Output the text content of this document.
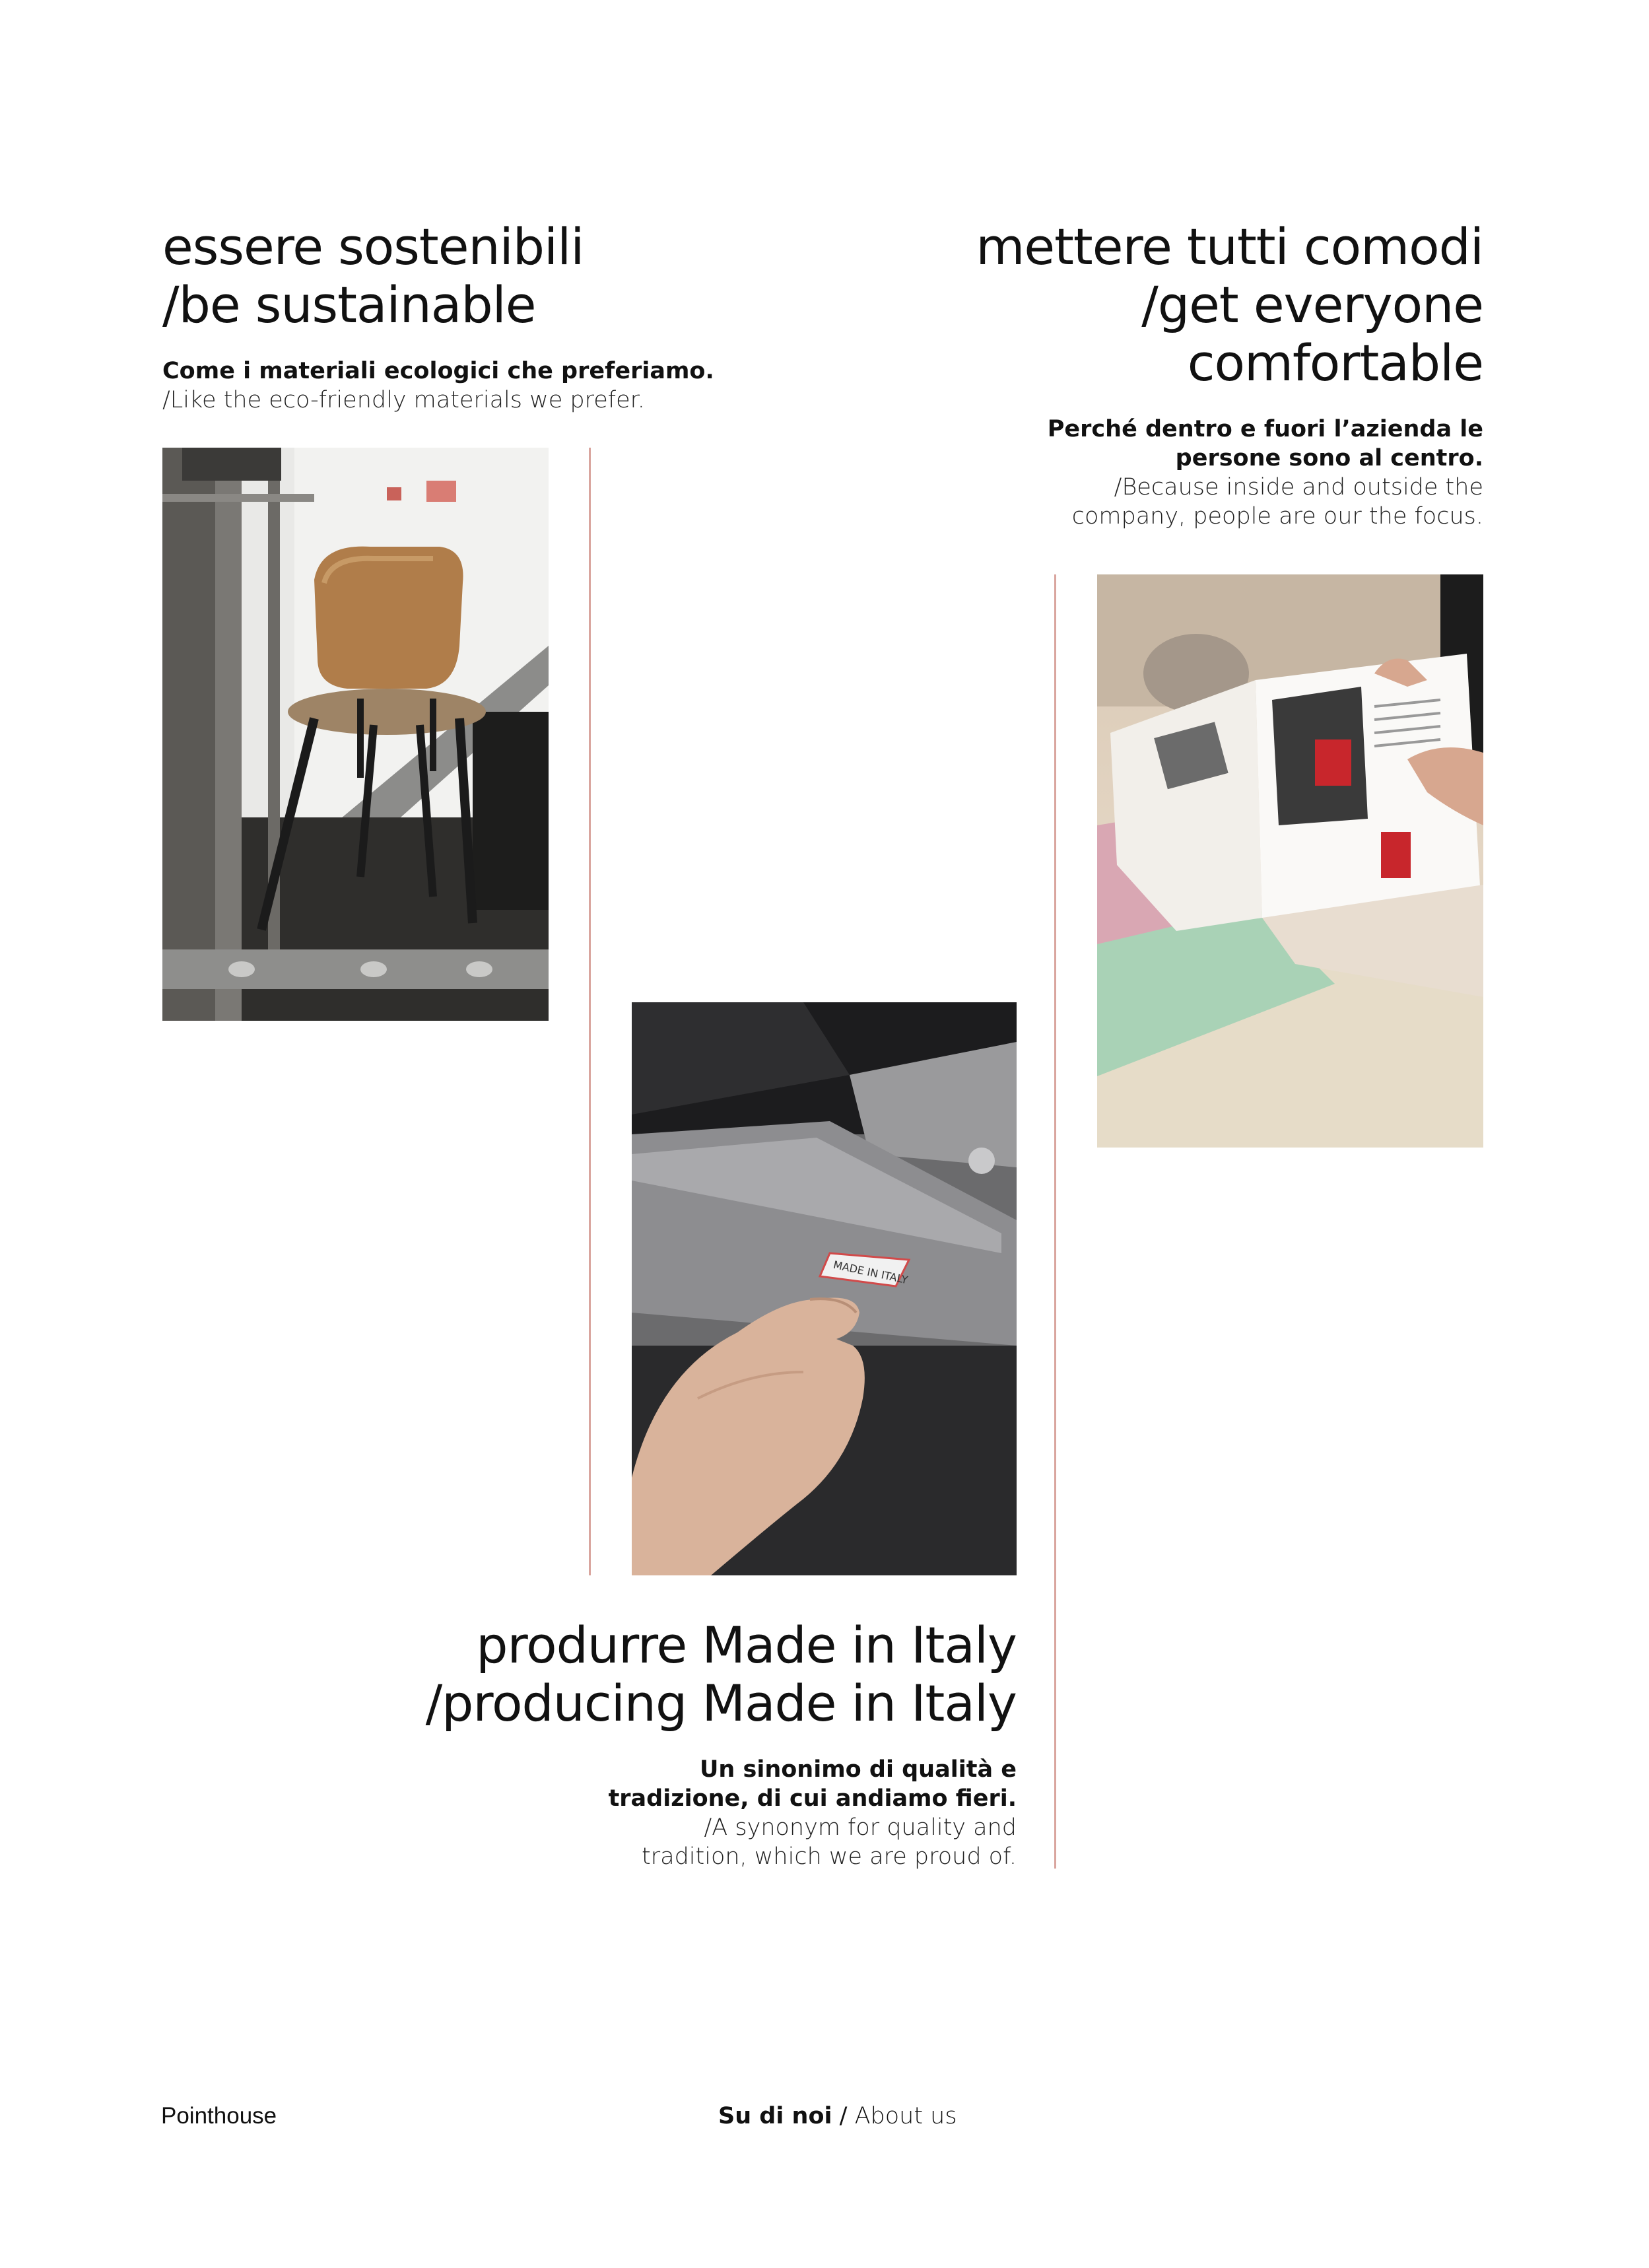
essere sostenibili
/be sustainable

Come i materiali ecologici che preferiamo.
/Like the eco-friendly materials we prefer.

mettere tutti comodi
/get everyone
comfortable

Perché dentro e fuori l’azienda le
persone sono al centro.
/Because inside and outside the
company, people are our the focus.

MADE IN ITALY
produrre Made in Italy
/producing Made in Italy

Un sinonimo di qualità e
tradizione, di cui andiamo fieri.
/A synonym for quality and
tradition, which we are proud of.

Pointhouse	Su di noi / About us
